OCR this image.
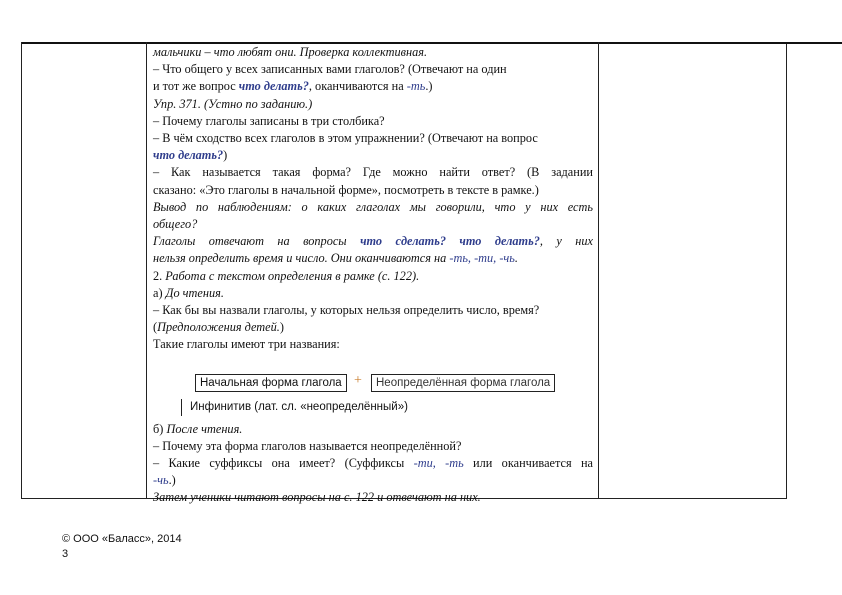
мальчики – что любят они. Проверка коллективная.

– Что общего у всех записанных вами глаголов? (Отвечают на один

и тот же вопрос что делать?, оканчиваются на -ть.)

Упр. 371. (Устно по заданию.)

– Почему глаголы записаны в три столбика?

– В чём сходство всех глаголов в этом упражнении? (Отвечают на вопрос

что делать?)

– Как называется такая форма? Где можно найти ответ? (В задании

сказано: «Это глаголы в начальной форме», посмотреть в тексте в рамке.)

Вывод по наблюдениям: о каких глаголах мы говорили, что у них есть

общего?

Глаголы отвечают на вопросы что сделать? что делать?, у них

нельзя определить время и число. Они оканчиваются на -ть, -ти, -чь.

2. Работа с текстом определения в рамке (с. 122).

а) До чтения.

– Как бы вы назвали глаголы, у которых нельзя определить число, время?

(Предположения детей.)

Такие глаголы имеют три названия:

Начальная форма глагола +	Неопределённая форма глагола
Инфинитив (лат. сл. «неопределённый»)

б) После чтения.

– Почему эта форма глаголов называется неопределённой?

– Какие суффиксы она имеет? (Суффиксы -ти, -ть или оканчивается на

-чь.)

Затем ученики читают вопросы на с. 122 и отвечают на них.

© ООО «Баласс», 2014
3
